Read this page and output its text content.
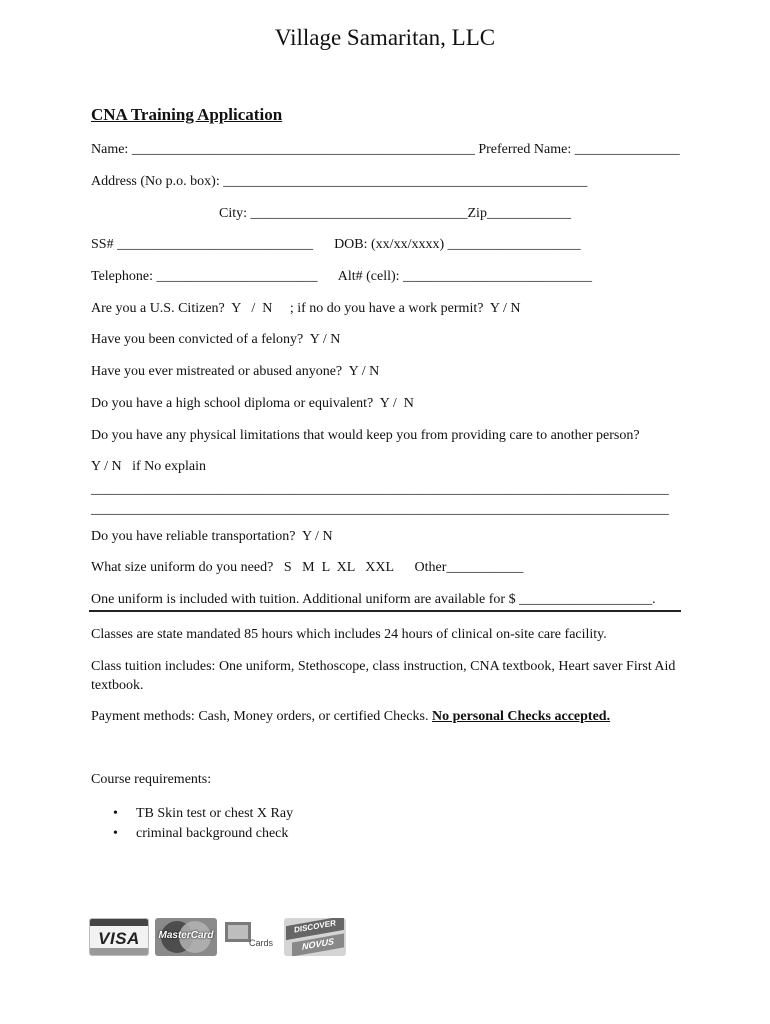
Village Samaritan, LLC
CNA Training Application
Name: _________________________________________________ Preferred Name: _______________
Address (No p.o. box): ____________________________________________________
City: _______________________________Zip____________
SS# ____________________________      DOB: (xx/xx/xxxx) ___________________
Telephone: _______________________      Alt# (cell): ___________________________
Are you a U.S. Citizen?  Y   /  N     ; if no do you have a work permit?  Y / N
Have you been convicted of a felony?  Y / N
Have you ever mistreated or abused anyone?  Y / N
Do you have a high school diploma or equivalent?  Y /  N
Do you have any physical limitations that would keep you from providing care to another person?
Y / N   if No explain
_____________________________________________________________________________________
_____________________________________________________________________________________
Do you have reliable transportation?  Y / N
What size uniform do you need?   S   M  L  XL   XXL      Other___________
One uniform is included with tuition. Additional uniform are available for $ ___________________.
Classes are state mandated 85 hours which includes 24 hours of clinical on-site care facility.
Class tuition includes: One uniform, Stethoscope, class instruction, CNA textbook, Heart saver First Aid
textbook.
Payment methods: Cash, Money orders, or certified Checks. No personal Checks accepted.
Course requirements:
• TB Skin test or chest X Ray
• criminal background check
VISA	MasterCard
Cards
DISCOVER
NOVUS
